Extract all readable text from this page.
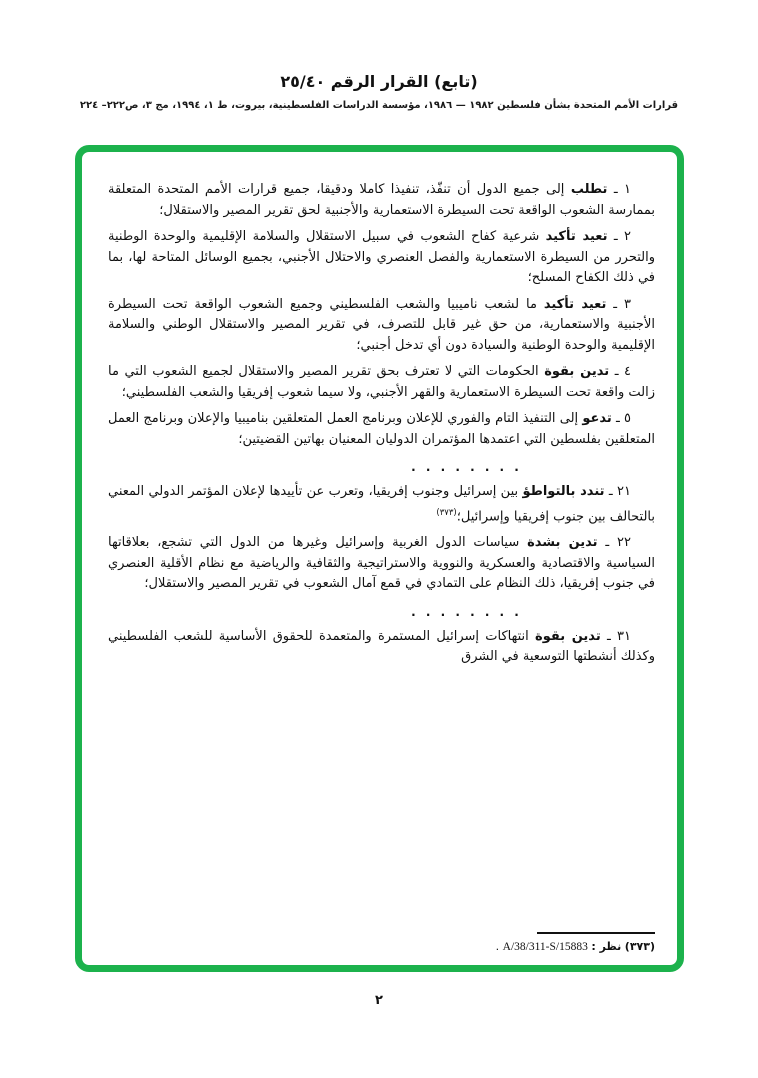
(تابع) القرار الرقم ٢٥/٤٠

قرارات الأمم المتحدة بشأن فلسطين ١٩٨٢ — ١٩٨٦، مؤسسة الدراسات الفلسطينية، بيروت، ط ١، ١٩٩٤، مج ٣، ص٢٢٢– ٢٢٤

١ ـ تطلب إلى جميع الدول أن تنفّذ، تنفيذا كاملا ودقيقا، جميع قرارات الأمم المتحدة المتعلقة بممارسة الشعوب الواقعة تحت السيطرة الاستعمارية والأجنبية لحق تقرير المصير والاستقلال؛

٢ ـ تعيد تأكيد شرعية كفاح الشعوب في سبيل الاستقلال والسلامة الإقليمية والوحدة الوطنية والتحرر من السيطرة الاستعمارية والفصل العنصري والاحتلال الأجنبي، بجميع الوسائل المتاحة لها، بما في ذلك الكفاح المسلح؛

٣ ـ تعيد تأكيد ما لشعب ناميبيا والشعب الفلسطيني وجميع الشعوب الواقعة تحت السيطرة الأجنبية والاستعمارية، من حق غير قابل للتصرف، في تقرير المصير والاستقلال الوطني والسلامة الإقليمية والوحدة الوطنية والسيادة دون أي تدخل أجنبي؛

٤ ـ تدين بقوة الحكومات التي لا تعترف بحق تقرير المصير والاستقلال لجميع الشعوب التي ما زالت واقعة تحت السيطرة الاستعمارية والقهر الأجنبي، ولا سيما شعوب إفريقيا والشعب الفلسطيني؛

٥ ـ تدعو إلى التنفيذ التام والفوري للإعلان وبرنامج العمل المتعلقين بناميبيا والإعلان وبرنامج العمل المتعلقين بفلسطين التي اعتمدها المؤتمران الدوليان المعنيان بهاتين القضيتين؛

. . . . . . . .

٢١ ـ تندد بالتواطؤ بين إسرائيل وجنوب إفريقيا، وتعرب عن تأييدها لإعلان المؤتمر الدولي المعني بالتحالف بين جنوب إفريقيا وإسرائيل؛$^{(٣٧٣)}$

٢٢ ـ تدين بشدة سياسات الدول الغربية وإسرائيل وغيرها من الدول التي تشجع، بعلاقاتها السياسية والاقتصادية والعسكرية والنووية والاستراتيجية والثقافية والرياضية مع نظام الأقلية العنصري في جنوب إفريقيا، ذلك النظام على التمادي في قمع آمال الشعوب في تقرير المصير والاستقلال؛

. . . . . . . .

٣١ ـ تدين بقوة انتهاكات إسرائيل المستمرة والمتعمدة للحقوق الأساسية للشعب الفلسطيني وكذلك أنشطتها التوسعية في الشرق

(٣٧٣) نظر : A/38/311-S/15883 .
٢
